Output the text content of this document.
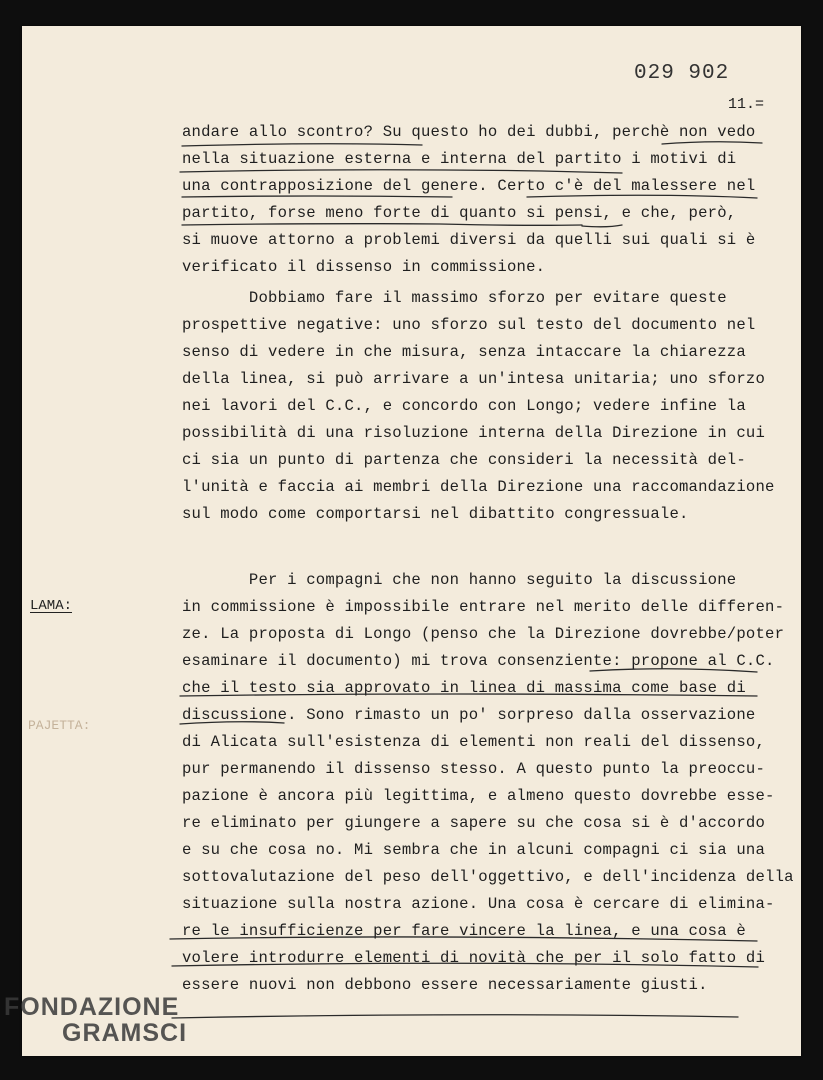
029 902
11.=
LAMA:
PAJETTA:
andare allo scontro? Su questo ho dei dubbi, perchè non vedo
nella situazione esterna e interna del partito i motivi di
una contrapposizione del genere. Certo c'è del malessere nel
partito, forse meno forte di quanto si pensi, e che, però,
si muove attorno a problemi diversi da quelli sui quali si è
verificato il dissenso in commissione.
Dobbiamo fare il massimo sforzo per evitare queste
prospettive negative: uno sforzo sul testo del documento nel
senso di vedere in che misura, senza intaccare la chiarezza
della linea, si può arrivare a un'intesa unitaria; uno sforzo
nei lavori del C.C., e concordo con Longo; vedere infine la
possibilità di una risoluzione interna della Direzione in cui
ci sia un punto di partenza che consideri la necessità del-
l'unità e faccia ai membri della Direzione una raccomandazione
sul modo come comportarsi nel dibattito congressuale.
Per i compagni che non hanno seguito la discussione
in commissione è impossibile entrare nel merito delle differen-
ze. La proposta di Longo (penso che la Direzione dovrebbe/poter
esaminare il documento) mi trova consenziente: propone al C.C.
che il testo sia approvato in linea di massima come base di
discussione. Sono rimasto un po' sorpreso dalla osservazione
di Alicata sull'esistenza di elementi non reali del dissenso,
pur permanendo il dissenso stesso. A questo punto la preoccu-
pazione è ancora più legittima, e almeno questo dovrebbe esse-
re eliminato per giungere a sapere su che cosa si è d'accordo
e su che cosa no. Mi sembra che in alcuni compagni ci sia una
sottovalutazione del peso dell'oggettivo, e dell'incidenza della
situazione sulla nostra azione. Una cosa è cercare di elimina-
re le insufficienze per fare vincere la linea, e una cosa è
volere introdurre elementi di novità che per il solo fatto di
essere nuovi non debbono essere necessariamente giusti.
FONDAZIONE
GRAMSCI
